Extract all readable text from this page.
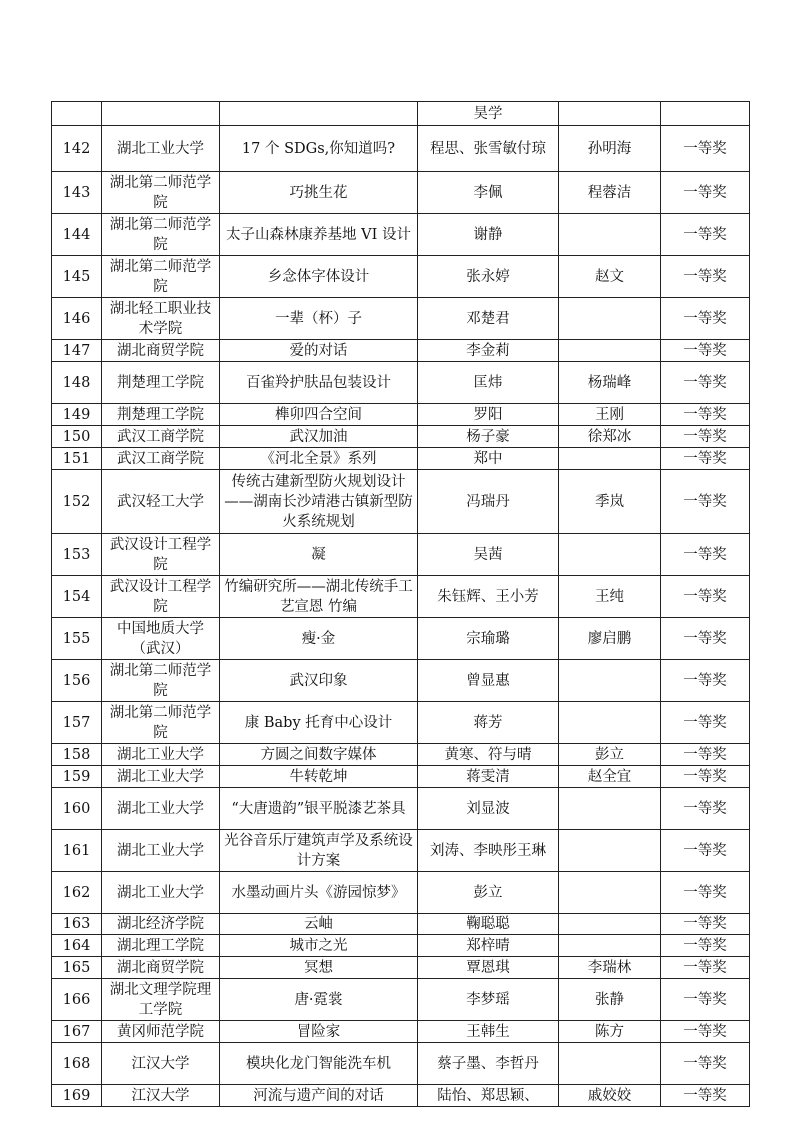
			昊学		
142	湖北工业大学	17 个 SDGs,你知道吗?	程思、张雪敏付琼	孙明海	一等奖
143	湖北第二师范学院	巧挑生花	李佩	程蓉洁	一等奖
144	湖北第二师范学院	太子山森林康养基地 VI 设计	谢静		一等奖
145	湖北第二师范学院	乡念体字体设计	张永婷	赵文	一等奖
146	湖北轻工职业技术学院	一辈（杯）子	邓楚君		一等奖
147	湖北商贸学院	爱的对话	李金莉		一等奖
148	荆楚理工学院	百雀羚护肤品包装设计	匡炜	杨瑞峰	一等奖
149	荆楚理工学院	榫卯四合空间	罗阳	王刚	一等奖
150	武汉工商学院	武汉加油	杨子豪	徐郑冰	一等奖
151	武汉工商学院	《河北全景》系列	郑中		一等奖
152	武汉轻工大学	传统古建新型防火规划设计——湖南长沙靖港古镇新型防火系统规划	冯瑞丹	季岚	一等奖
153	武汉设计工程学院	凝	吴茜		一等奖
154	武汉设计工程学院	竹编研究所——湖北传统手工艺宣恩 竹编	朱钰辉、王小芳	王纯	一等奖
155	中国地质大学（武汉）	瘦·金	宗瑜璐	廖启鹏	一等奖
156	湖北第二师范学院	武汉印象	曾显惠		一等奖
157	湖北第二师范学院	康 Baby 托育中心设计	蒋芳		一等奖
158	湖北工业大学	方圆之间数字媒体	黄寒、符与晴	彭立	一等奖
159	湖北工业大学	牛转乾坤	蒋雯清	赵全宜	一等奖
160	湖北工业大学	“大唐遗韵”银平脱漆艺茶具	刘显波		一等奖
161	湖北工业大学	光谷音乐厅建筑声学及系统设计方案	刘涛、李映彤王琳		一等奖
162	湖北工业大学	水墨动画片头《游园惊梦》	彭立		一等奖
163	湖北经济学院	云岫	鞠聪聪		一等奖
164	湖北理工学院	城市之光	郑梓晴		一等奖
165	湖北商贸学院	冥想	覃恩琪	李瑞林	一等奖
166	湖北文理学院理工学院	唐·霓裳	李梦瑶	张静	一等奖
167	黄冈师范学院	冒险家	王韩生	陈方	一等奖
168	江汉大学	模块化龙门智能洗车机	蔡子墨、李哲丹		一等奖
169	江汉大学	河流与遗产间的对话	陆怡、郑思颖、	戚姣姣	一等奖
